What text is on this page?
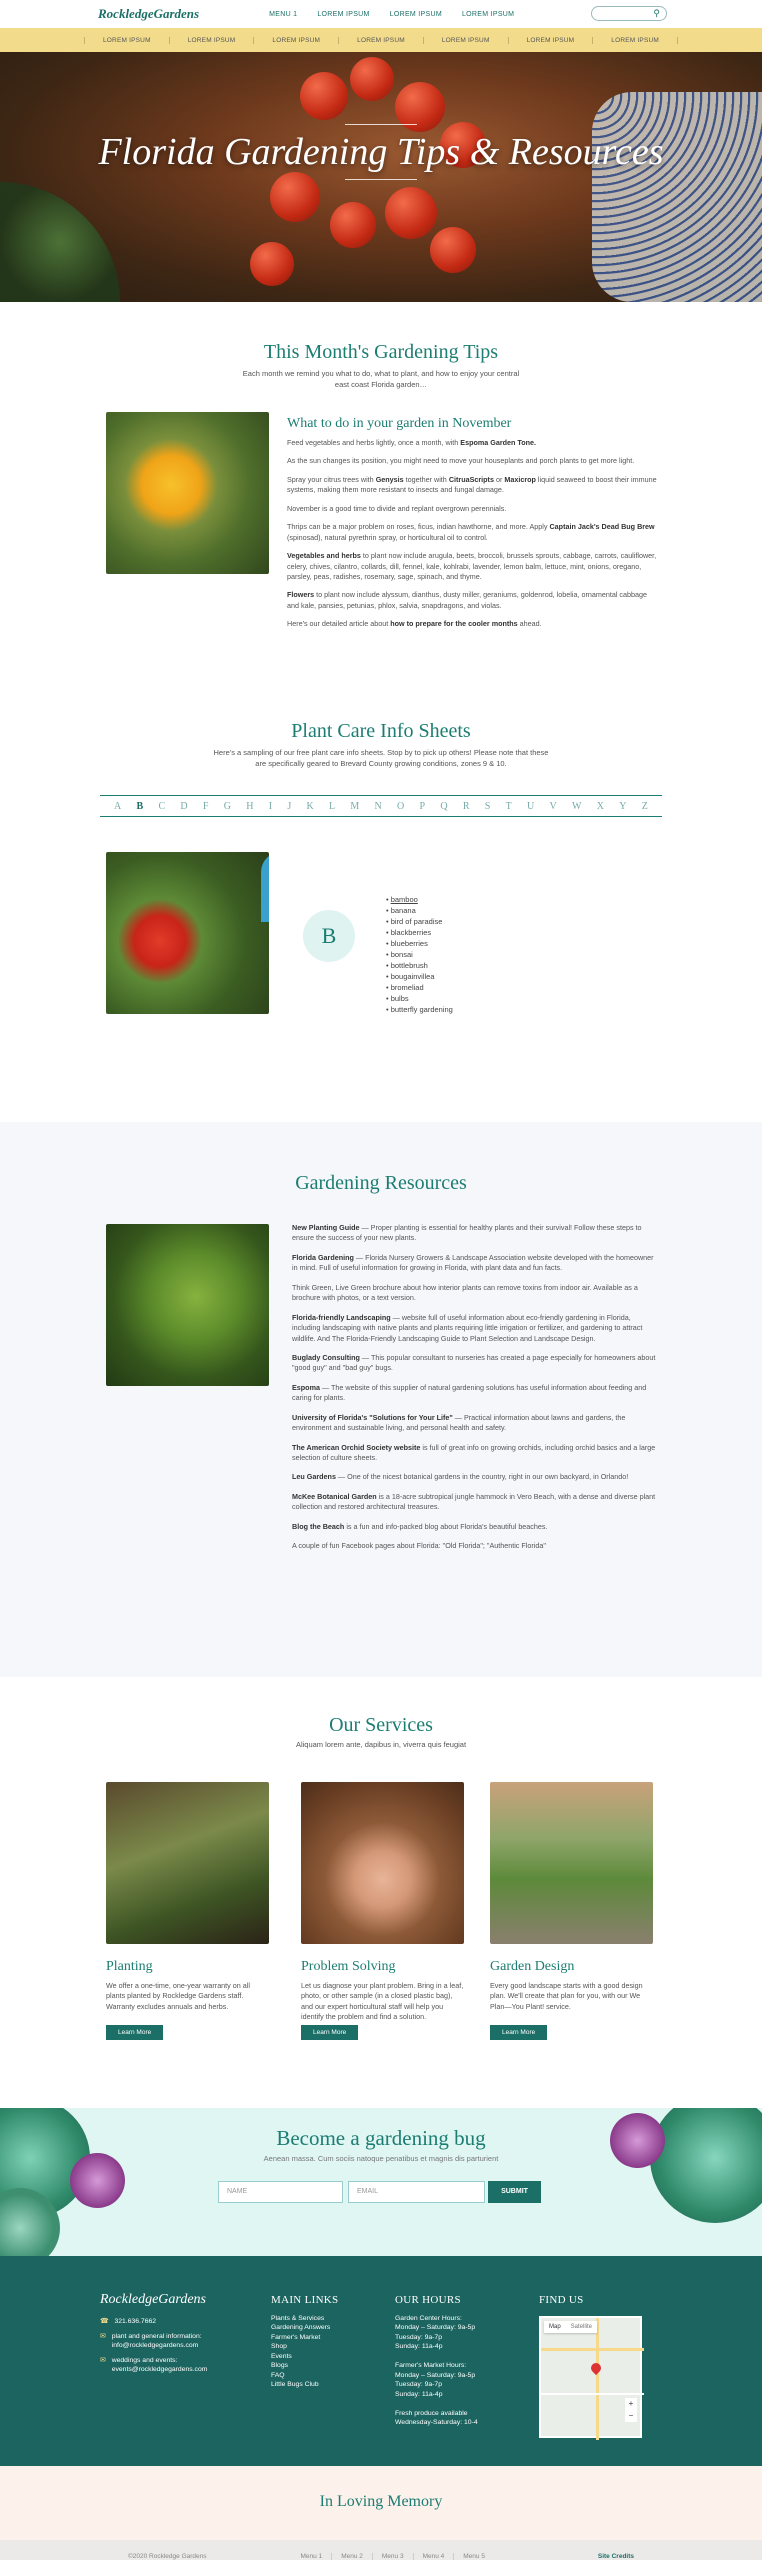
RockledgeGardens	MENU 1	LOREM IPSUM	LOREM IPSUM	LOREM IPSUM	⚲
LOREM IPSUM	LOREM IPSUM	LOREM IPSUM	LOREM IPSUM	LOREM IPSUM	LOREM IPSUM	LOREM IPSUM
Florida Gardening Tips & Resources
This Month's Gardening Tips
Each month we remind you what to do, what to plant, and how to enjoy your central
east coast Florida garden…
What to do in your garden in November

Feed vegetables and herbs lightly, once a month, with Espoma Garden Tone.

As the sun changes its position, you might need to move your houseplants and porch plants to get more light.

Spray your citrus trees with Genysis together with CitruaScripts or Maxicrop liquid seaweed to boost their immune systems, making them more resistant to insects and fungal damage.

November is a good time to divide and replant overgrown perennials.

Thrips can be a major problem on roses, ficus, indian hawthorne, and more. Apply Captain Jack's Dead Bug Brew (spinosad), natural pyrethrin spray, or horticultural oil to control.

Vegetables and herbs to plant now include arugula, beets, broccoli, brussels sprouts, cabbage, carrots, cauliflower, celery, chives, cilantro, collards, dill, fennel, kale, kohlrabi, lavender, lemon balm, lettuce, mint, onions, oregano, parsley, peas, radishes, rosemary, sage, spinach, and thyme.

Flowers to plant now include alyssum, dianthus, dusty miller, geraniums, goldenrod, lobelia, ornamental cabbage and kale, pansies, petunias, phlox, salvia, snapdragons, and violas.

Here's our detailed article about how to prepare for the cooler months ahead.

Plant Care Info Sheets
Here's a sampling of our free plant care info sheets. Stop by to pick up others! Please note that these
are specifically geared to Brevard County growing conditions, zones 9 & 10.
A B C D F G H I J K L M N O P Q R S T U V W X Y Z
B
• bamboo
• banana
• bird of paradise
• blackberries
• blueberries
• bonsai
• bottlebrush
• bougainvillea
• bromeliad
• bulbs
• butterfly gardening
Gardening Resources

New Planting Guide — Proper planting is essential for healthy plants and their survival! Follow these steps to ensure the success of your new plants.

Florida Gardening — Florida Nursery Growers & Landscape Association website developed with the homeowner in mind. Full of useful information for growing in Florida, with plant data and fun facts.

Think Green, Live Green brochure about how interior plants can remove toxins from indoor air. Available as a brochure with photos, or a text version.

Florida-friendly Landscaping — website full of useful information about eco-friendly gardening in Florida, including landscaping with native plants and plants requiring little irrigation or fertilizer, and gardening to attract wildlife. And The Florida-Friendly Landscaping Guide to Plant Selection and Landscape Design.

Buglady Consulting — This popular consultant to nurseries has created a page especially for homeowners about "good guy" and "bad guy" bugs.

Espoma — The website of this supplier of natural gardening solutions has useful information about feeding and caring for plants.

University of Florida's "Solutions for Your Life" — Practical information about lawns and gardens, the environment and sustainable living, and personal health and safety.

The American Orchid Society website is full of great info on growing orchids, including orchid basics and a large selection of culture sheets.

Leu Gardens — One of the nicest botanical gardens in the country, right in our own backyard, in Orlando!

McKee Botanical Garden is a 18-acre subtropical jungle hammock in Vero Beach, with a dense and diverse plant collection and restored architectural treasures.

Blog the Beach is a fun and info-packed blog about Florida's beautiful beaches.

A couple of fun Facebook pages about Florida: "Old Florida"; "Authentic Florida"

Our Services
Aliquam lorem ante, dapibus in, viverra quis feugiat
Planting

We offer a one-time, one-year warranty on all plants planted by Rockledge Gardens staff. Warranty excludes annuals and herbs.

Learn More
Problem Solving

Let us diagnose your plant problem. Bring in a leaf, photo, or other sample (in a closed plastic bag), and our expert horticultural staff will help you identify the problem and find a solution.

Learn More
Garden Design

Every good landscape starts with a good design plan. We'll create that plan for you, with our We Plan—You Plant! service.

Learn More
Become a gardening bug
Aenean massa. Cum sociis natoque penatibus et magnis dis parturient
NAME	EMAIL	SUBMIT
RockledgeGardens
☎ 321.636.7662
✉ plant and general information:
info@rockledgegardens.com
✉ weddings and events:
events@rockledgegardens.com
MAIN LINKS
Plants & Services
Gardening Answers
Farmer's Market
Shop
Events
Blogs
FAQ
Little Bugs Club
OUR HOURS
Garden Center Hours:
Monday – Saturday: 9a-5p
Tuesday: 9a-7p
Sunday: 11a-4p
Farmer's Market Hours:
Monday – Saturday: 9a-5p
Tuesday: 9a-7p
Sunday: 11a-4p
Fresh produce available
Wednesday-Saturday: 10-4
FIND US
Map	Satellite
+
−
In Loving Memory
©2020 Rockledge Gardens	Menu 1	Menu 2	Menu 3	Menu 4	Menu 5	Site Credits
